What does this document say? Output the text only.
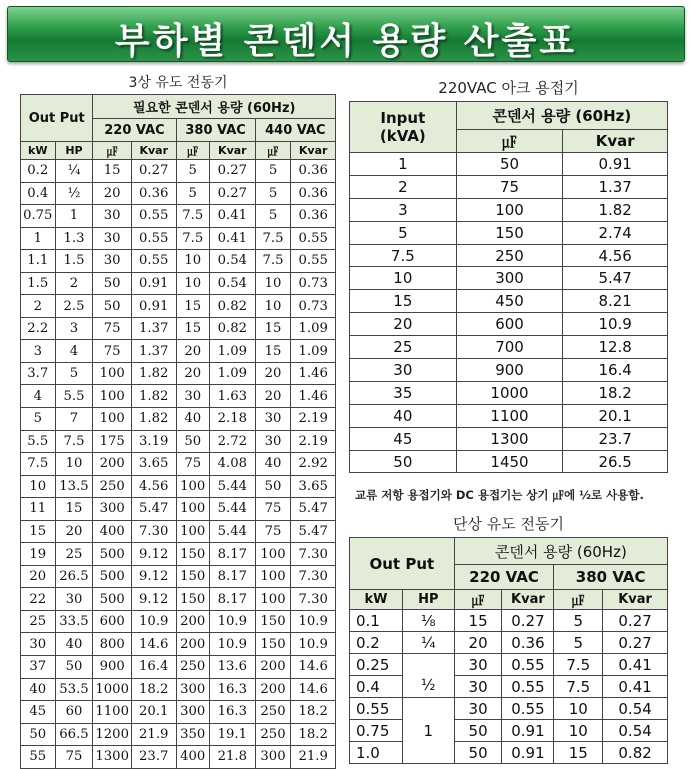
부하별 콘덴서 용량 산출표
3상 유도 전동기
Out Put		필요한 콘덴서 용량 (60Hz)					
		220 VAC		380 VAC		440 VAC	
kW	HP	㎌	Kvar	㎌	Kvar	㎌	Kvar
0.2	¼	15	0.27	5	0.27	5	0.36
0.4	½	20	0.36	5	0.27	5	0.36
0.75	1	30	0.55	7.5	0.41	5	0.36
1	1.3	30	0.55	7.5	0.41	7.5	0.55
1.1	1.5	30	0.55	10	0.54	7.5	0.55
1.5	2	50	0.91	10	0.54	10	0.73
2	2.5	50	0.91	15	0.82	10	0.73
2.2	3	75	1.37	15	0.82	15	1.09
3	4	75	1.37	20	1.09	15	1.09
3.7	5	100	1.82	20	1.09	20	1.46
4	5.5	100	1.82	30	1.63	20	1.46
5	7	100	1.82	40	2.18	30	2.19
5.5	7.5	175	3.19	50	2.72	30	2.19
7.5	10	200	3.65	75	4.08	40	2.92
10	13.5	250	4.56	100	5.44	50	3.65
11	15	300	5.47	100	5.44	75	5.47
15	20	400	7.30	100	5.44	75	5.47
19	25	500	9.12	150	8.17	100	7.30
20	26.5	500	9.12	150	8.17	100	7.30
22	30	500	9.12	150	8.17	100	7.30
25	33.5	600	10.9	200	10.9	150	10.9
30	40	800	14.6	200	10.9	150	10.9
37	50	900	16.4	250	13.6	200	14.6
40	53.5	1000	18.2	300	16.3	200	14.6
45	60	1100	20.1	300	16.3	250	18.2
50	66.5	1200	21.9	350	19.1	250	18.2
55	75	1300	23.7	400	21.8	300	21.9
220VAC 아크 용접기
Input
(kVA)	콘덴서 용량 (60Hz)	
	㎌	Kvar
1	50	0.91
2	75	1.37
3	100	1.82
5	150	2.74
7.5	250	4.56
10	300	5.47
15	450	8.21
20	600	10.9
25	700	12.8
30	900	16.4
35	1000	18.2
40	1100	20.1
45	1300	23.7
50	1450	26.5
교류 저항 용접기와 DC 용접기는 상기 ㎌에 ½로 사용함.
단상 유도 전동기
Out Put		콘덴서 용량 (60Hz)			
		220 VAC		380 VAC	
kW	HP	㎌	Kvar	㎌	Kvar
0.1	⅛	15	0.27	5	0.27
0.2	¼	20	0.36	5	0.27
0.25	½	30	0.55	7.5	0.41
0.4		30	0.55	7.5	0.41
0.55	1	30	0.55	10	0.54
0.75		50	0.91	10	0.54
1.0		50	0.91	15	0.82
